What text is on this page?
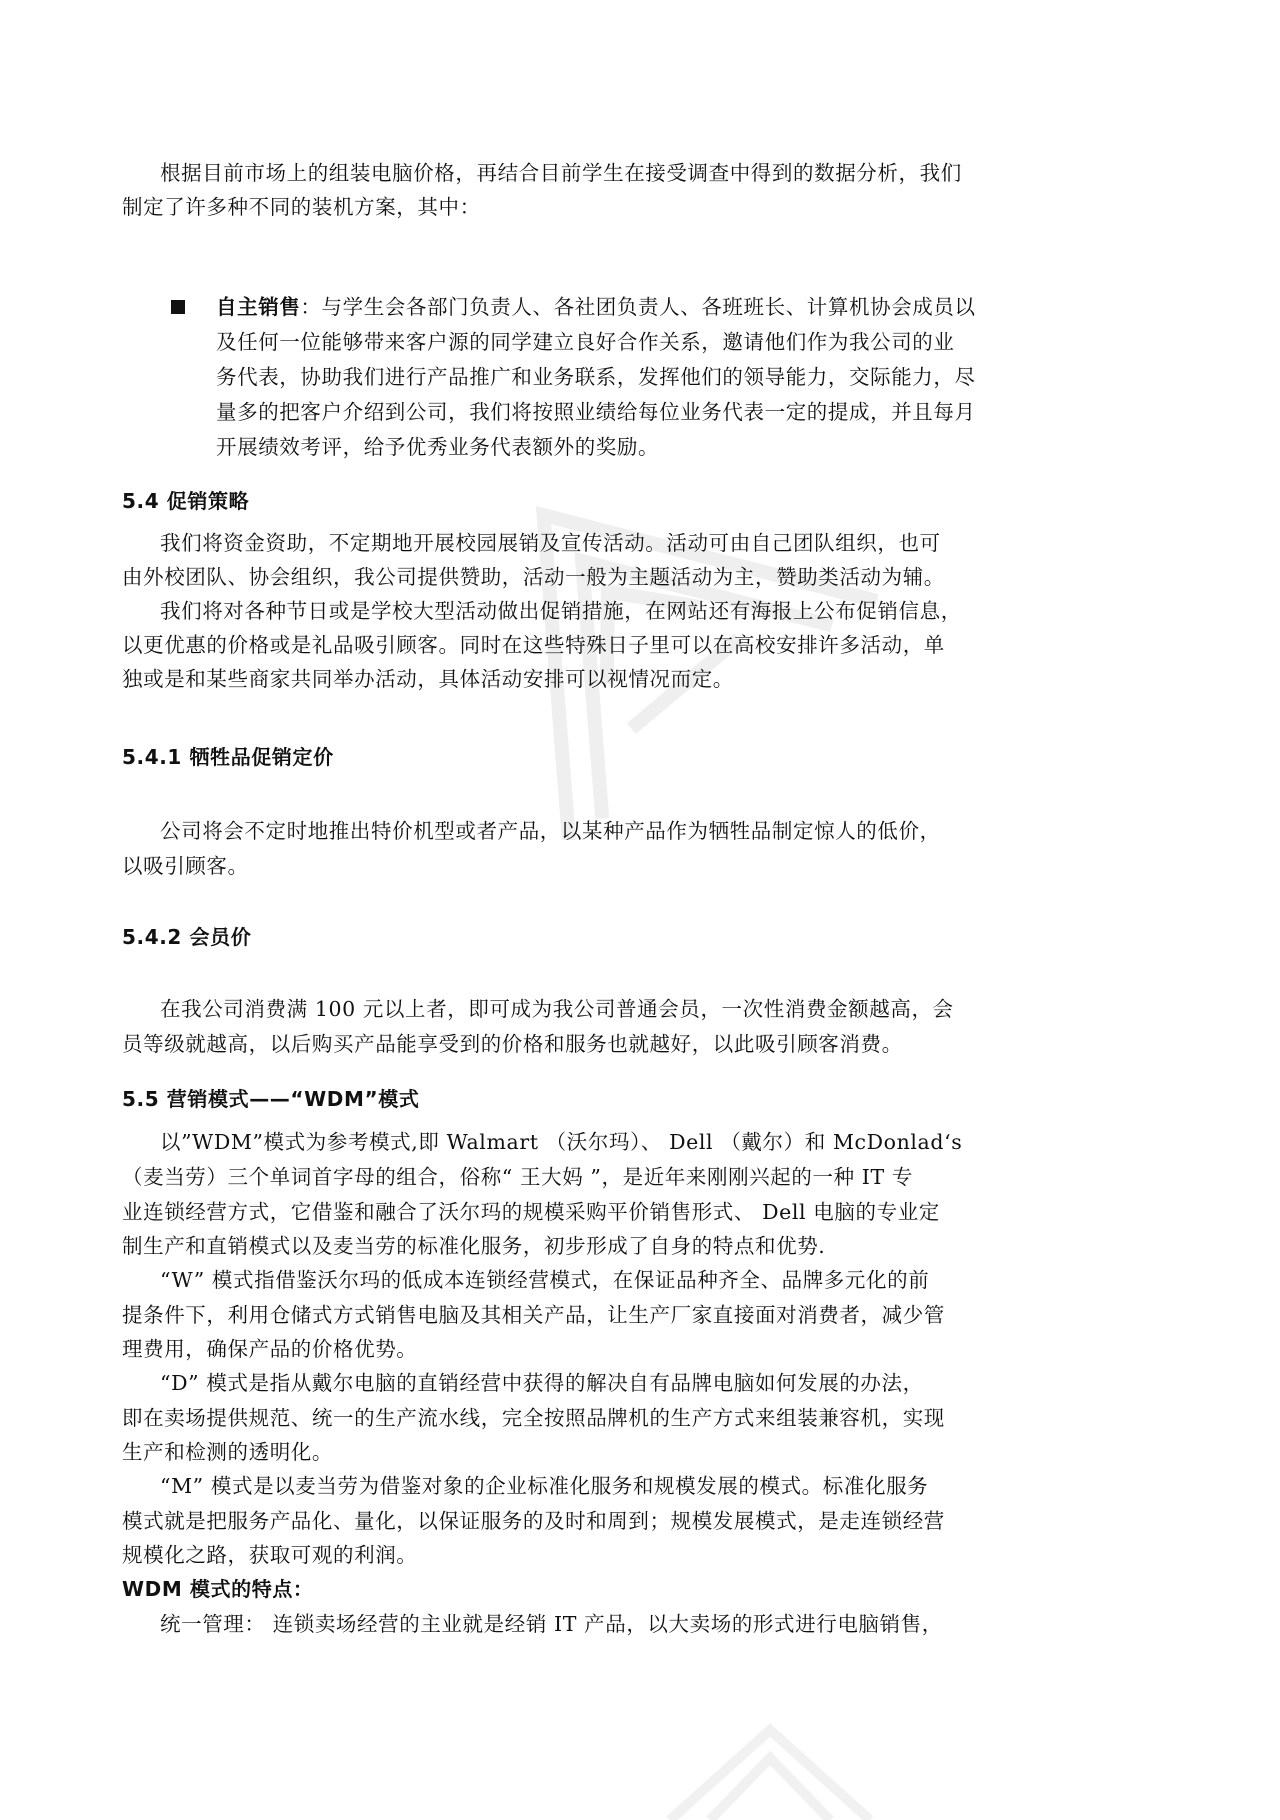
根据目前市场上的组装电脑价格，再结合目前学生在接受调查中得到的数据分析，我们
制定了许多种不同的装机方案，其中：
自主销售：与学生会各部门负责人、各社团负责人、各班班长、计算机协会成员以
及任何一位能够带来客户源的同学建立良好合作关系，邀请他们作为我公司的业
务代表，协助我们进行产品推广和业务联系，发挥他们的领导能力，交际能力，尽
量多的把客户介绍到公司，我们将按照业绩给每位业务代表一定的提成，并且每月
开展绩效考评，给予优秀业务代表额外的奖励。
5.4 促销策略
我们将资金资助，不定期地开展校园展销及宣传活动。活动可由自己团队组织，也可
由外校团队、协会组织，我公司提供赞助，活动一般为主题活动为主，赞助类活动为辅。
我们将对各种节日或是学校大型活动做出促销措施，在网站还有海报上公布促销信息，
以更优惠的价格或是礼品吸引顾客。同时在这些特殊日子里可以在高校安排许多活动，单
独或是和某些商家共同举办活动，具体活动安排可以视情况而定。
5.4.1 牺牲品促销定价
公司将会不定时地推出特价机型或者产品，以某种产品作为牺牲品制定惊人的低价，
以吸引顾客。
5.4.2 会员价
在我公司消费满 100 元以上者，即可成为我公司普通会员，一次性消费金额越高，会
员等级就越高，以后购买产品能享受到的价格和服务也就越好，以此吸引顾客消费。
5.5 营销模式——“WDM”模式
以”WDM”模式为参考模式,即 Walmart （沃尔玛）、 Dell （戴尔）和 McDonlad‘s
（麦当劳）三个单词首字母的组合，俗称“ 王大妈 ”，是近年来刚刚兴起的一种 IT 专
业连锁经营方式，它借鉴和融合了沃尔玛的规模采购平价销售形式、 Dell 电脑的专业定
制生产和直销模式以及麦当劳的标准化服务，初步形成了自身的特点和优势.
“W” 模式指借鉴沃尔玛的低成本连锁经营模式，在保证品种齐全、品牌多元化的前
提条件下，利用仓储式方式销售电脑及其相关产品，让生产厂家直接面对消费者，减少管
理费用，确保产品的价格优势。
“D” 模式是指从戴尔电脑的直销经营中获得的解决自有品牌电脑如何发展的办法，
即在卖场提供规范、统一的生产流水线，完全按照品牌机的生产方式来组装兼容机，实现
生产和检测的透明化。
“M” 模式是以麦当劳为借鉴对象的企业标准化服务和规模发展的模式。标准化服务
模式就是把服务产品化、量化，以保证服务的及时和周到；规模发展模式，是走连锁经营
规模化之路，获取可观的利润。
WDM 模式的特点：
统一管理： 连锁卖场经营的主业就是经销 IT 产品，以大卖场的形式进行电脑销售，
